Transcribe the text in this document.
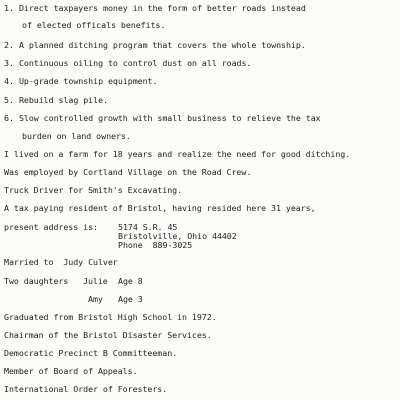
1. Direct taxpayers money in the form of better roads instead
of elected officals benefits.
2. A planned ditching program that covers the whole township.
3. Continuous oiling to control dust on all roads.
4. Up-grade township equipment.
5. Rebuild slag pile.
6. Slow controlled growth with small business to relieve the tax
burden on land owners.
I lived on a farm for 18 years and realize the need for good ditching.
Was employed by Cortland Village on the Road Crew.
Truck Driver for Smith's Excavating.
A tax paying resident of Bristol, having resided here 31 years,
present address is: 5174 S.R. 45
Bristolville, Ohio 44402
Phone  889-3025
Married to  Judy Culver
Two daughters Julie Age 8
Amy Age 3
Graduated from Bristol High School in 1972.
Chairman of the Bristol Disaster Services.
Democratic Precinct B Committeeman.
Member of Board of Appeals.
International Order of Foresters.
